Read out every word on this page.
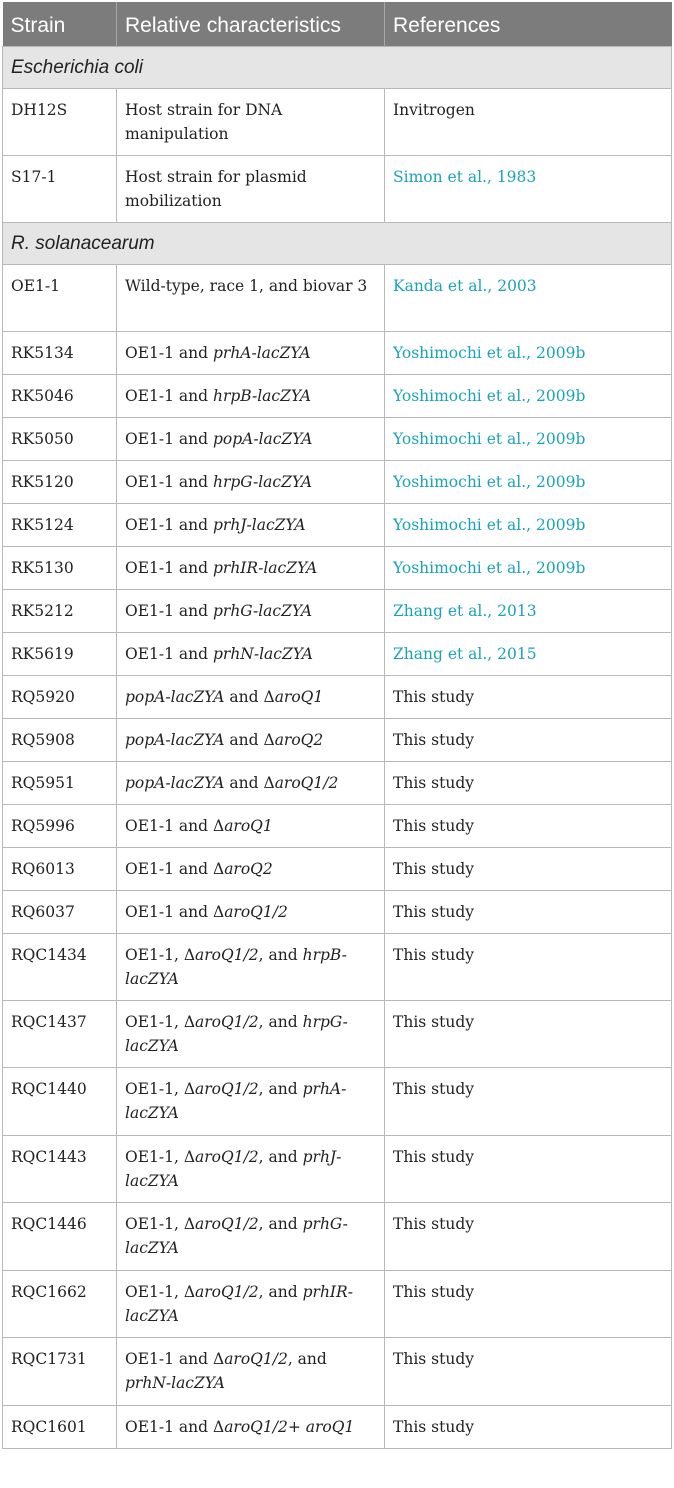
Strain	Relative characteristics	References
Escherichia coli		
DH12S	Host strain for DNA manipulation	Invitrogen
S17-1	Host strain for plasmid mobilization	Simon et al., 1983
R. solanacearum		
OE1-1	Wild-type, race 1, and biovar 3	Kanda et al., 2003
RK5134	OE1-1 and prhA-lacZYA	Yoshimochi et al., 2009b
RK5046	OE1-1 and hrpB-lacZYA	Yoshimochi et al., 2009b
RK5050	OE1-1 and popA-lacZYA	Yoshimochi et al., 2009b
RK5120	OE1-1 and hrpG-lacZYA	Yoshimochi et al., 2009b
RK5124	OE1-1 and prhJ-lacZYA	Yoshimochi et al., 2009b
RK5130	OE1-1 and prhIR-lacZYA	Yoshimochi et al., 2009b
RK5212	OE1-1 and prhG-lacZYA	Zhang et al., 2013
RK5619	OE1-1 and prhN-lacZYA	Zhang et al., 2015
RQ5920	popA-lacZYA and ΔaroQ1	This study
RQ5908	popA-lacZYA and ΔaroQ2	This study
RQ5951	popA-lacZYA and ΔaroQ1/2	This study
RQ5996	OE1-1 and ΔaroQ1	This study
RQ6013	OE1-1 and ΔaroQ2	This study
RQ6037	OE1-1 and ΔaroQ1/2	This study
RQC1434	OE1-1, ΔaroQ1/2, and hrpB-lacZYA	This study
RQC1437	OE1-1, ΔaroQ1/2, and hrpG-lacZYA	This study
RQC1440	OE1-1, ΔaroQ1/2, and prhA-lacZYA	This study
RQC1443	OE1-1, ΔaroQ1/2, and prhJ-lacZYA	This study
RQC1446	OE1-1, ΔaroQ1/2, and prhG-lacZYA	This study
RQC1662	OE1-1, ΔaroQ1/2, and prhIR-lacZYA	This study
RQC1731	OE1-1 and ΔaroQ1/2, and prhN-lacZYA	This study
RQC1601	OE1-1 and ΔaroQ1/2+ aroQ1	This study
